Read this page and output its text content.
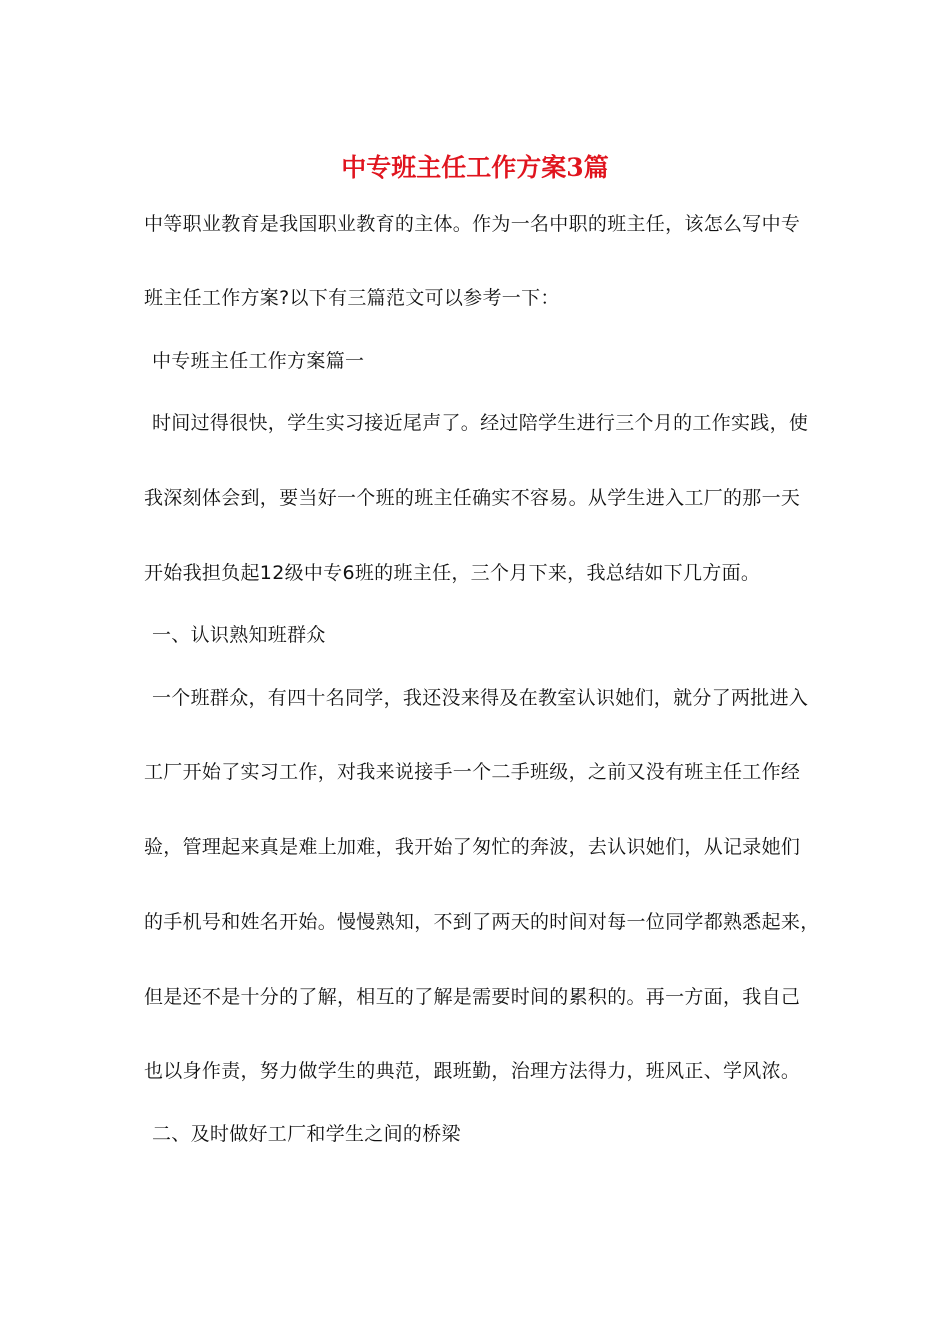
中专班主任工作方案3篇
中等职业教育是我国职业教育的主体。作为一名中职的班主任，该怎么写中专
班主任工作方案?以下有三篇范文可以参考一下：
中专班主任工作方案篇一
时间过得很快，学生实习接近尾声了。经过陪学生进行三个月的工作实践，使
我深刻体会到，要当好一个班的班主任确实不容易。从学生进入工厂的那一天
开始我担负起12级中专6班的班主任，三个月下来，我总结如下几方面。
一、认识熟知班群众
一个班群众，有四十名同学，我还没来得及在教室认识她们，就分了两批进入
工厂开始了实习工作，对我来说接手一个二手班级，之前又没有班主任工作经
验，管理起来真是难上加难，我开始了匆忙的奔波，去认识她们，从记录她们
的手机号和姓名开始。慢慢熟知，不到了两天的时间对每一位同学都熟悉起来，
但是还不是十分的了解，相互的了解是需要时间的累积的。再一方面，我自己
也以身作责，努力做学生的典范，跟班勤，治理方法得力，班风正、学风浓。
二、及时做好工厂和学生之间的桥梁
